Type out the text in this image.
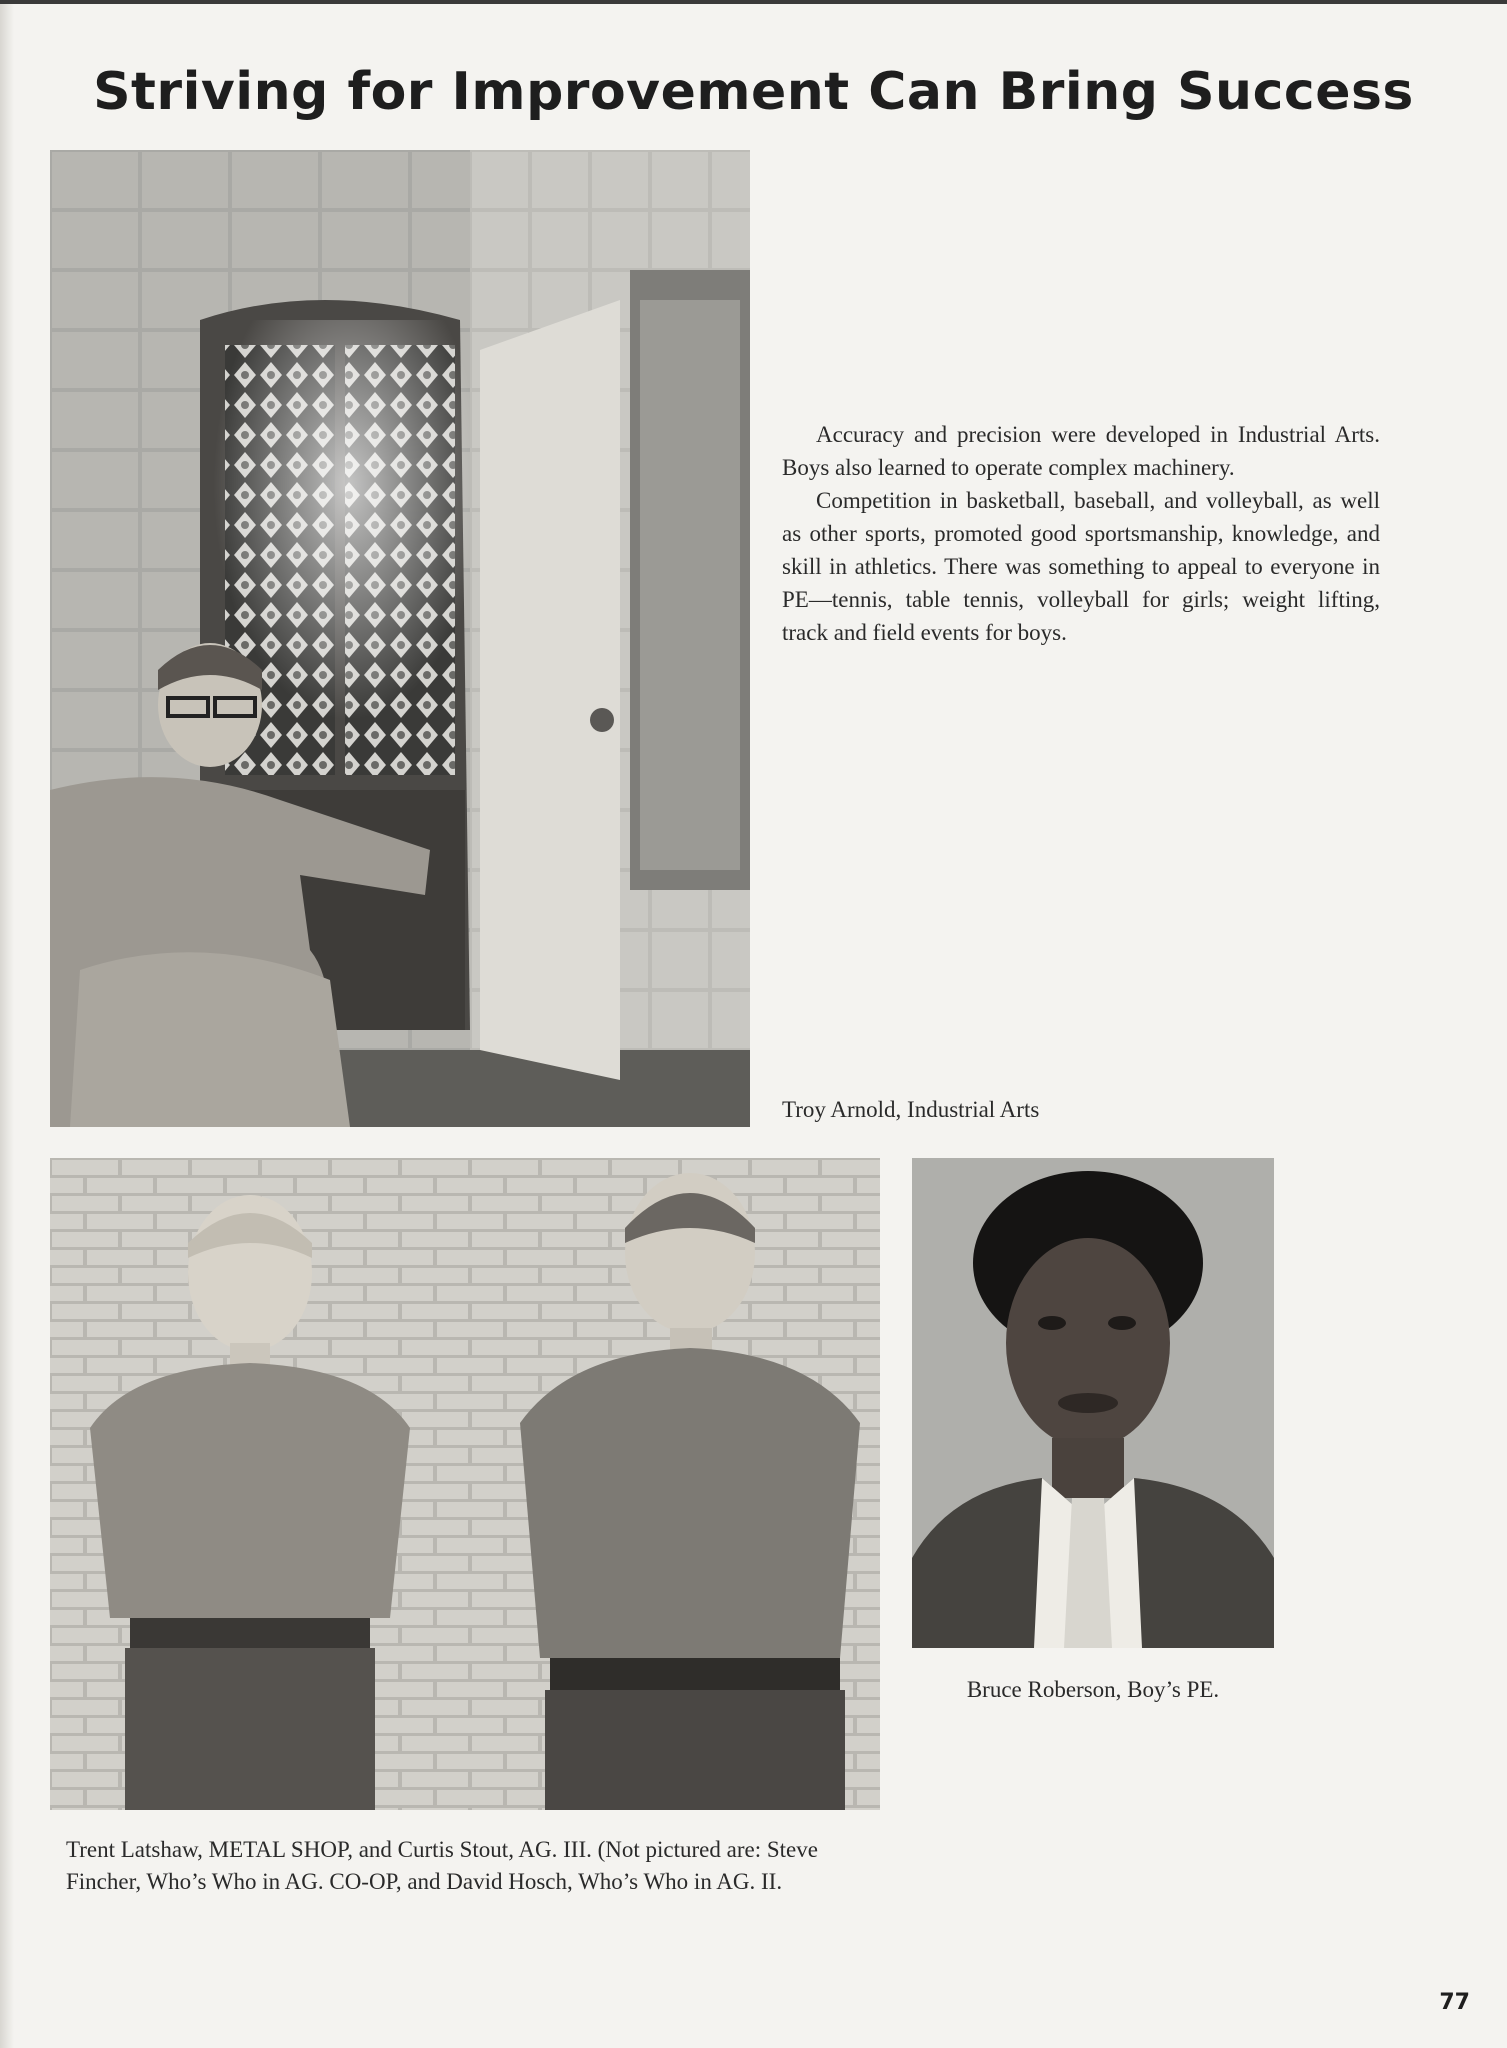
Striving for Improvement Can Bring Success

Accuracy and precision were developed in Industrial Arts. Boys also learned to operate complex machinery.

Competition in basketball, baseball, and volleyball, as well as other sports, promoted good sportsmanship, knowledge, and skill in athletics. There was something to appeal to everyone in PE—tennis, table tennis, volleyball for girls; weight lifting, track and field events for boys.

Troy Arnold, Industrial Arts
Bruce Roberson, Boy’s PE.
Trent Latshaw, METAL SHOP, and Curtis Stout, AG. III. (Not pictured are: Steve Fincher, Who’s Who in AG. CO-OP, and David Hosch, Who’s Who in AG. II.
77
